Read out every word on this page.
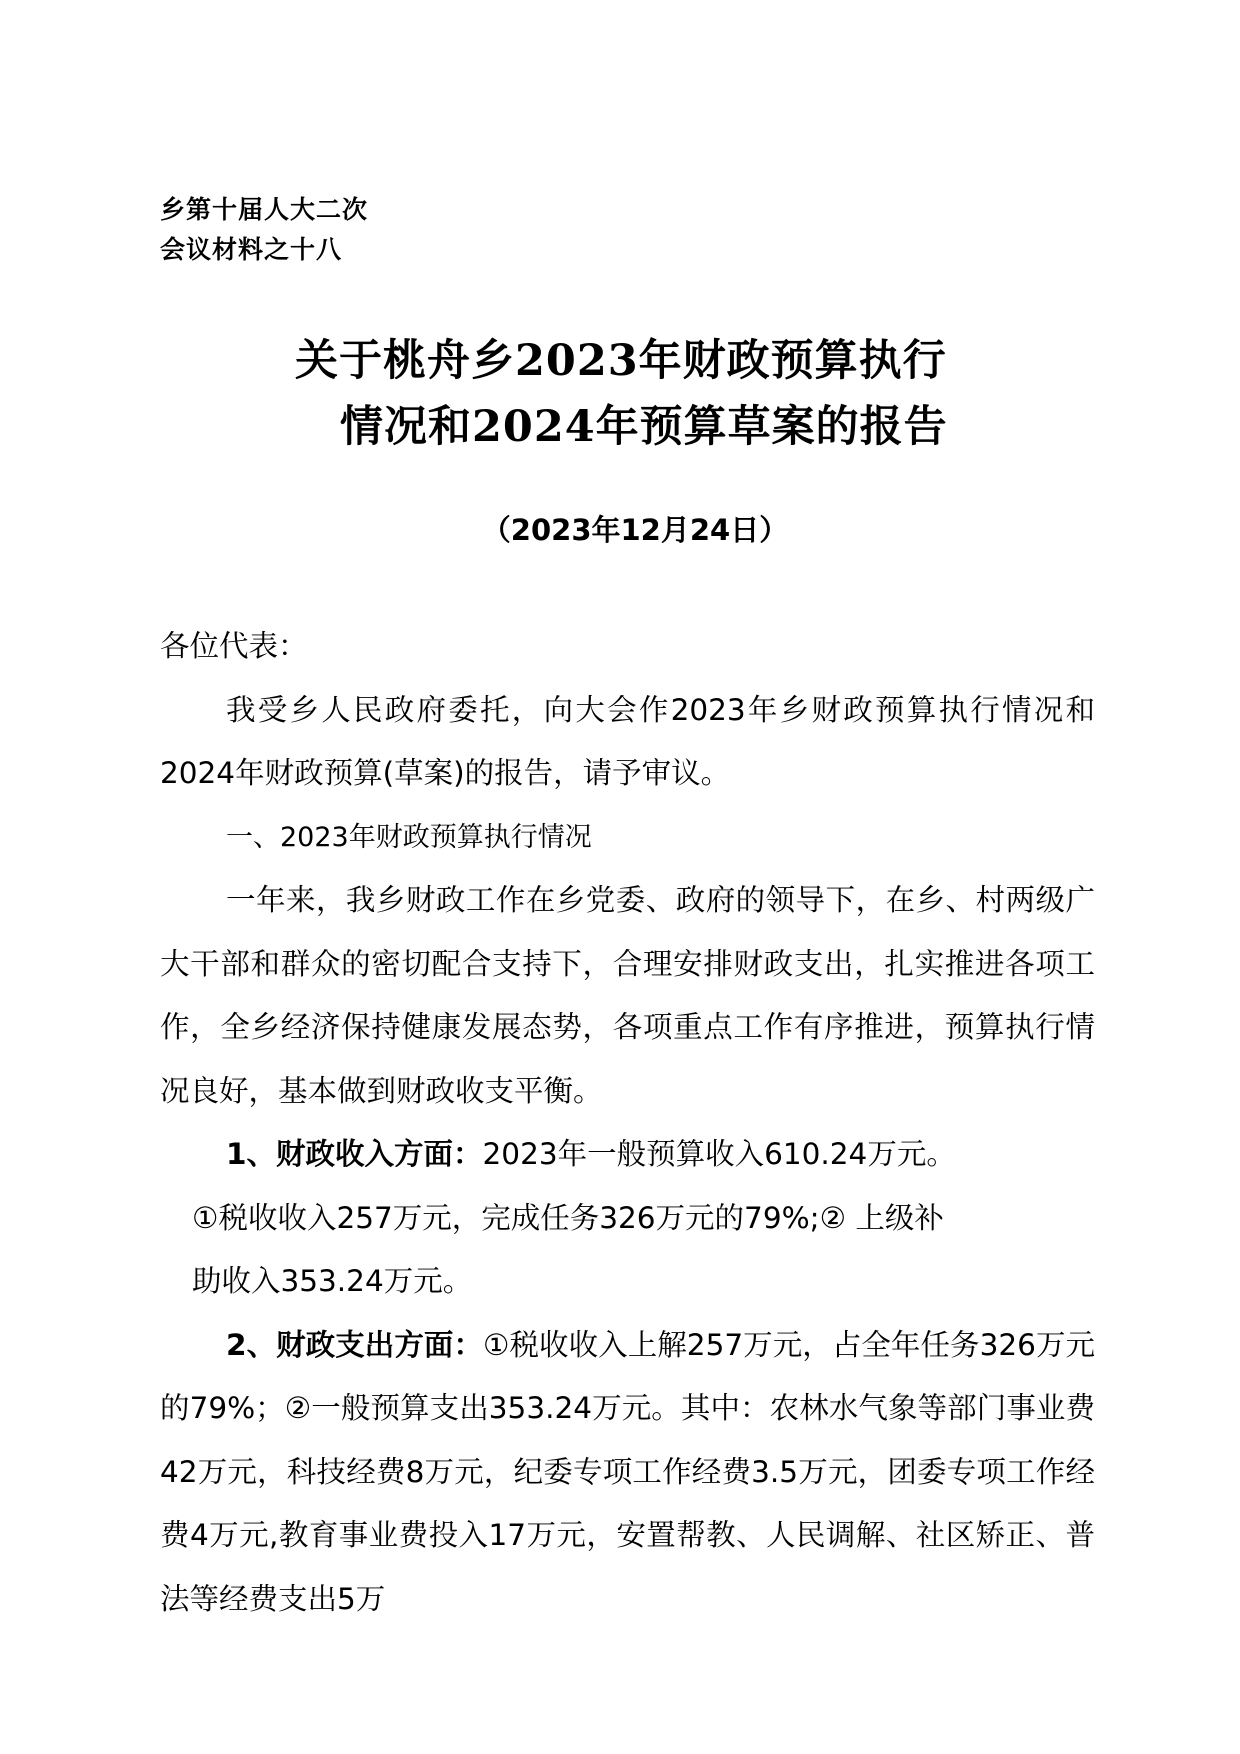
乡第十届人大二次
会议材料之十八
关于桃舟乡2023年财政预算执行
情况和2024年预算草案的报告
（2023年12月24日）

各位代表：

我受乡人民政府委托，向大会作2023年乡财政预算执行情况和2024年财政预算(草案)的报告，请予审议。

一、2023年财政预算执行情况

一年来，我乡财政工作在乡党委、政府的领导下，在乡、村两级广大干部和群众的密切配合支持下，合理安排财政支出，扎实推进各项工作，全乡经济保持健康发展态势，各项重点工作有序推进，预算执行情况良好，基本做到财政收支平衡。

1、财政收入方面：2023年一般预算收入610.24万元。

①税收收入257万元，完成任务326万元的79%;② 上级补

助收入353.24万元。

2、财政支出方面：①税收收入上解257万元，占全年任务326万元的79%；②一般预算支出353.24万元。其中：农林水气象等部门事业费42万元，科技经费8万元，纪委专项工作经费3.5万元，团委专项工作经费4万元,教育事业费投入17万元，安置帮教、人民调解、社区矫正、普法等经费支出5万
